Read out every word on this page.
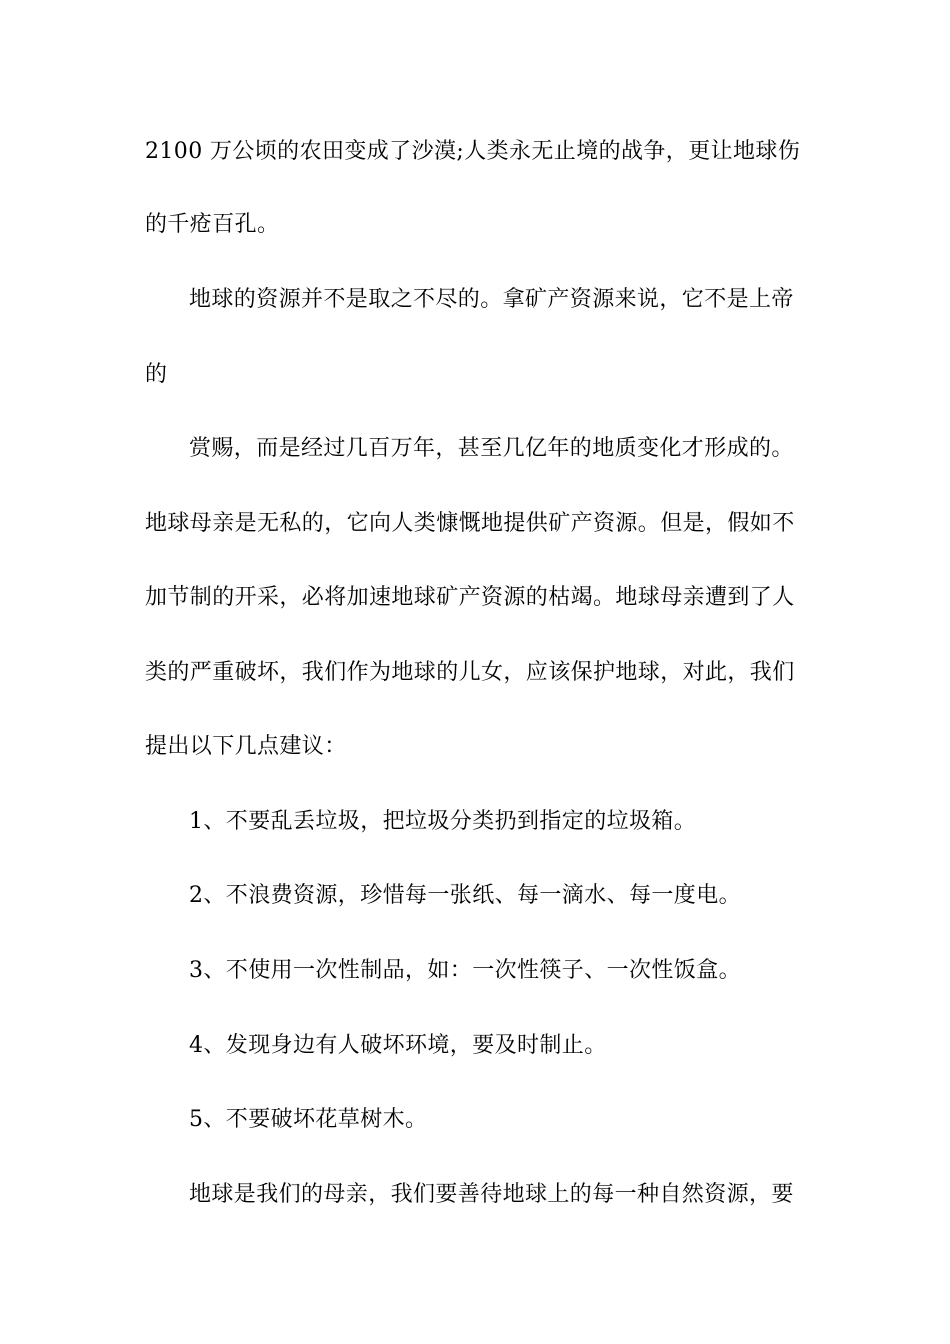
2100 万公顷的农田变成了沙漠;人类永无止境的战争，更让地球伤
的千疮百孔。
地球的资源并不是取之不尽的。拿矿产资源来说，它不是上帝
的
赏赐，而是经过几百万年，甚至几亿年的地质变化才形成的。
地球母亲是无私的，它向人类慷慨地提供矿产资源。但是，假如不
加节制的开采，必将加速地球矿产资源的枯竭。地球母亲遭到了人
类的严重破坏，我们作为地球的儿女，应该保护地球，对此，我们
提出以下几点建议：
1、不要乱丢垃圾，把垃圾分类扔到指定的垃圾箱。
2、不浪费资源，珍惜每一张纸、每一滴水、每一度电。
3、不使用一次性制品，如：一次性筷子、一次性饭盒。
4、发现身边有人破坏环境，要及时制止。
5、不要破坏花草树木。
地球是我们的母亲，我们要善待地球上的每一种自然资源，要
